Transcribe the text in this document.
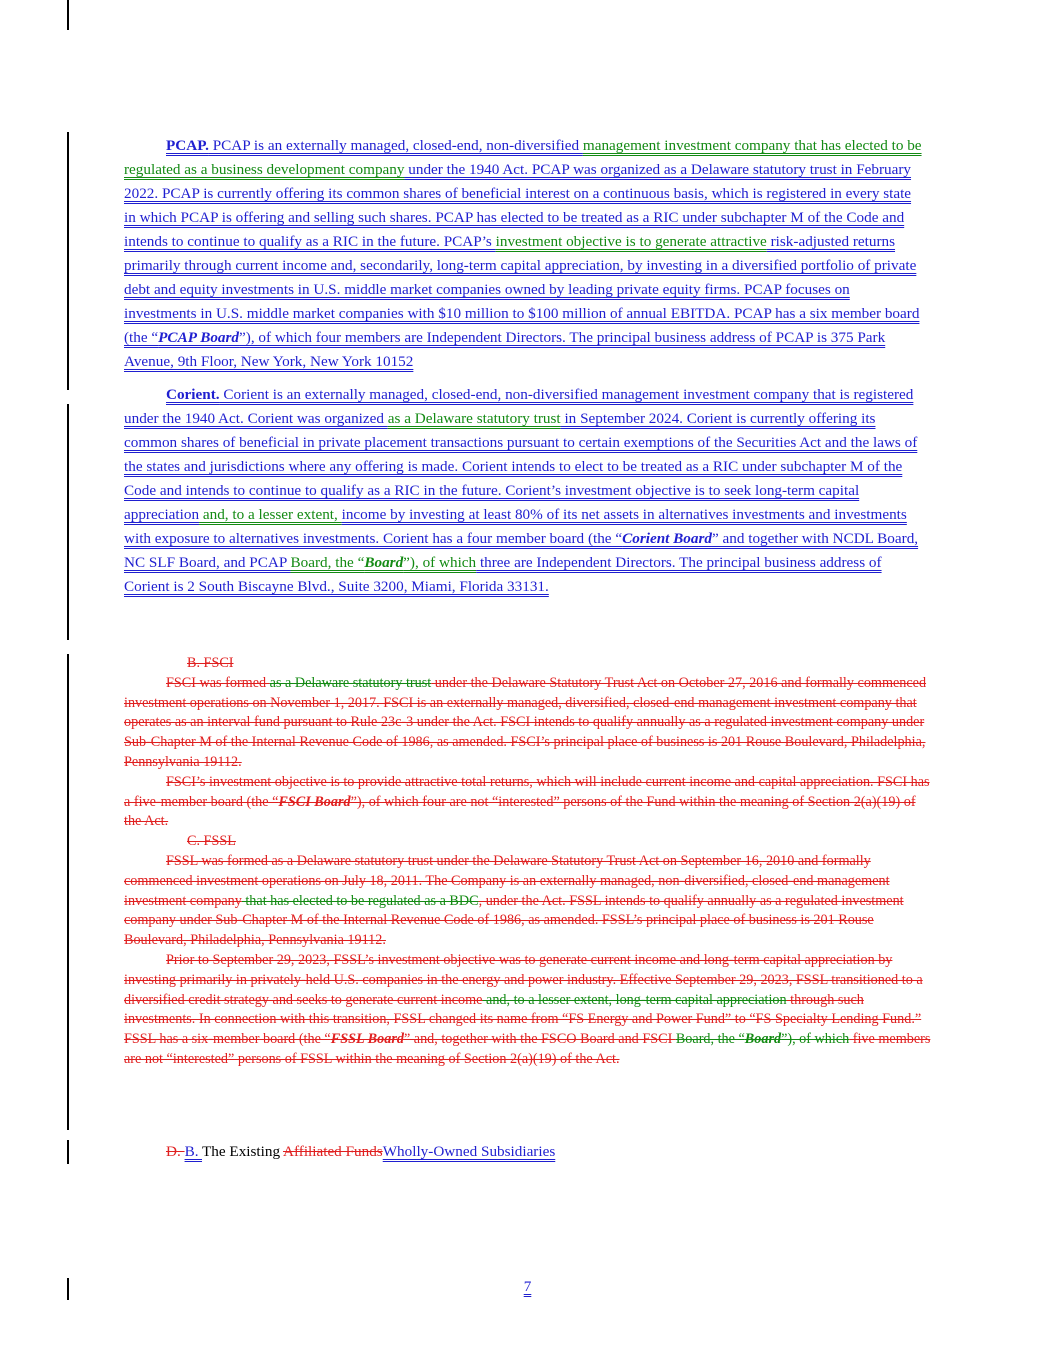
PCAP. PCAP is an externally managed, closed-end, non-diversified management investment company that has elected to be regulated as a business development company under the 1940 Act. PCAP was organized as a Delaware statutory trust in February 2022. PCAP is currently offering its common shares of beneficial interest on a continuous basis, which is registered in every state in which PCAP is offering and selling such shares. PCAP has elected to be treated as a RIC under subchapter M of the Code and intends to continue to qualify as a RIC in the future. PCAP’s investment objective is to generate attractive risk-adjusted returns primarily through current income and, secondarily, long-term capital appreciation, by investing in a diversified portfolio of private debt and equity investments in U.S. middle market companies owned by leading private equity firms. PCAP focuses on investments in U.S. middle market companies with $10 million to $100 million of annual EBITDA. PCAP has a six member board (the “PCAP Board”), of which four members are Independent Directors. The principal business address of PCAP is 375 Park Avenue, 9th Floor, New York, New York 10152

Corient. Corient is an externally managed, closed-end, non-diversified management investment company that is registered under the 1940 Act. Corient was organized as a Delaware statutory trust in September 2024. Corient is currently offering its common shares of beneficial in private placement transactions pursuant to certain exemptions of the Securities Act and the laws of the states and jurisdictions where any offering is made. Corient intends to elect to be treated as a RIC under subchapter M of the Code and intends to continue to qualify as a RIC in the future. Corient’s investment objective is to seek long-term capital appreciation and, to a lesser extent, income by investing at least 80% of its net assets in alternatives investments and investments with exposure to alternatives investments. Corient has a four member board (the “Corient Board” and together with NCDL Board, NC SLF Board, and PCAP Board, the “Board”), of which three are Independent Directors. The principal business address of Corient is 2 South Biscayne Blvd., Suite 3200, Miami, Florida 33131.

B. FSCI

FSCI was formed as a Delaware statutory trust under the Delaware Statutory Trust Act on October 27, 2016 and formally commenced investment operations on November 1, 2017. FSCI is an externally managed, diversified, closed-end management investment company that operates as an interval fund pursuant to Rule 23c-3 under the Act. FSCI intends to qualify annually as a regulated investment company under Sub-Chapter M of the Internal Revenue Code of 1986, as amended. FSCI’s principal place of business is 201 Rouse Boulevard, Philadelphia, Pennsylvania 19112.

FSCI’s investment objective is to provide attractive total returns, which will include current income and capital appreciation. FSCI has a five-member board (the “FSCI Board”), of which four are not “interested” persons of the Fund within the meaning of Section 2(a)(19) of the Act.

C. FSSL

FSSL was formed as a Delaware statutory trust under the Delaware Statutory Trust Act on September 16, 2010 and formally commenced investment operations on July 18, 2011. The Company is an externally managed, non-diversified, closed-end management investment company that has elected to be regulated as a BDC, under the Act. FSSL intends to qualify annually as a regulated investment company under Sub-Chapter M of the Internal Revenue Code of 1986, as amended. FSSL’s principal place of business is 201 Rouse Boulevard, Philadelphia, Pennsylvania 19112.

Prior to September 29, 2023, FSSL’s investment objective was to generate current income and long-term capital appreciation by investing primarily in privately-held U.S. companies in the energy and power industry. Effective September 29, 2023, FSSL transitioned to a diversified credit strategy and seeks to generate current income and, to a lesser extent, long-term capital appreciation through such investments. In connection with this transition, FSSL changed its name from “FS Energy and Power Fund” to “FS Specialty Lending Fund.” FSSL has a six-member board (the “FSSL Board” and, together with the FSCO Board and FSCI Board, the “Board”), of which five members are not “interested” persons of FSSL within the meaning of Section 2(a)(19) of the Act.

D. B. The Existing Affiliated FundsWholly-Owned Subsidiaries
7
